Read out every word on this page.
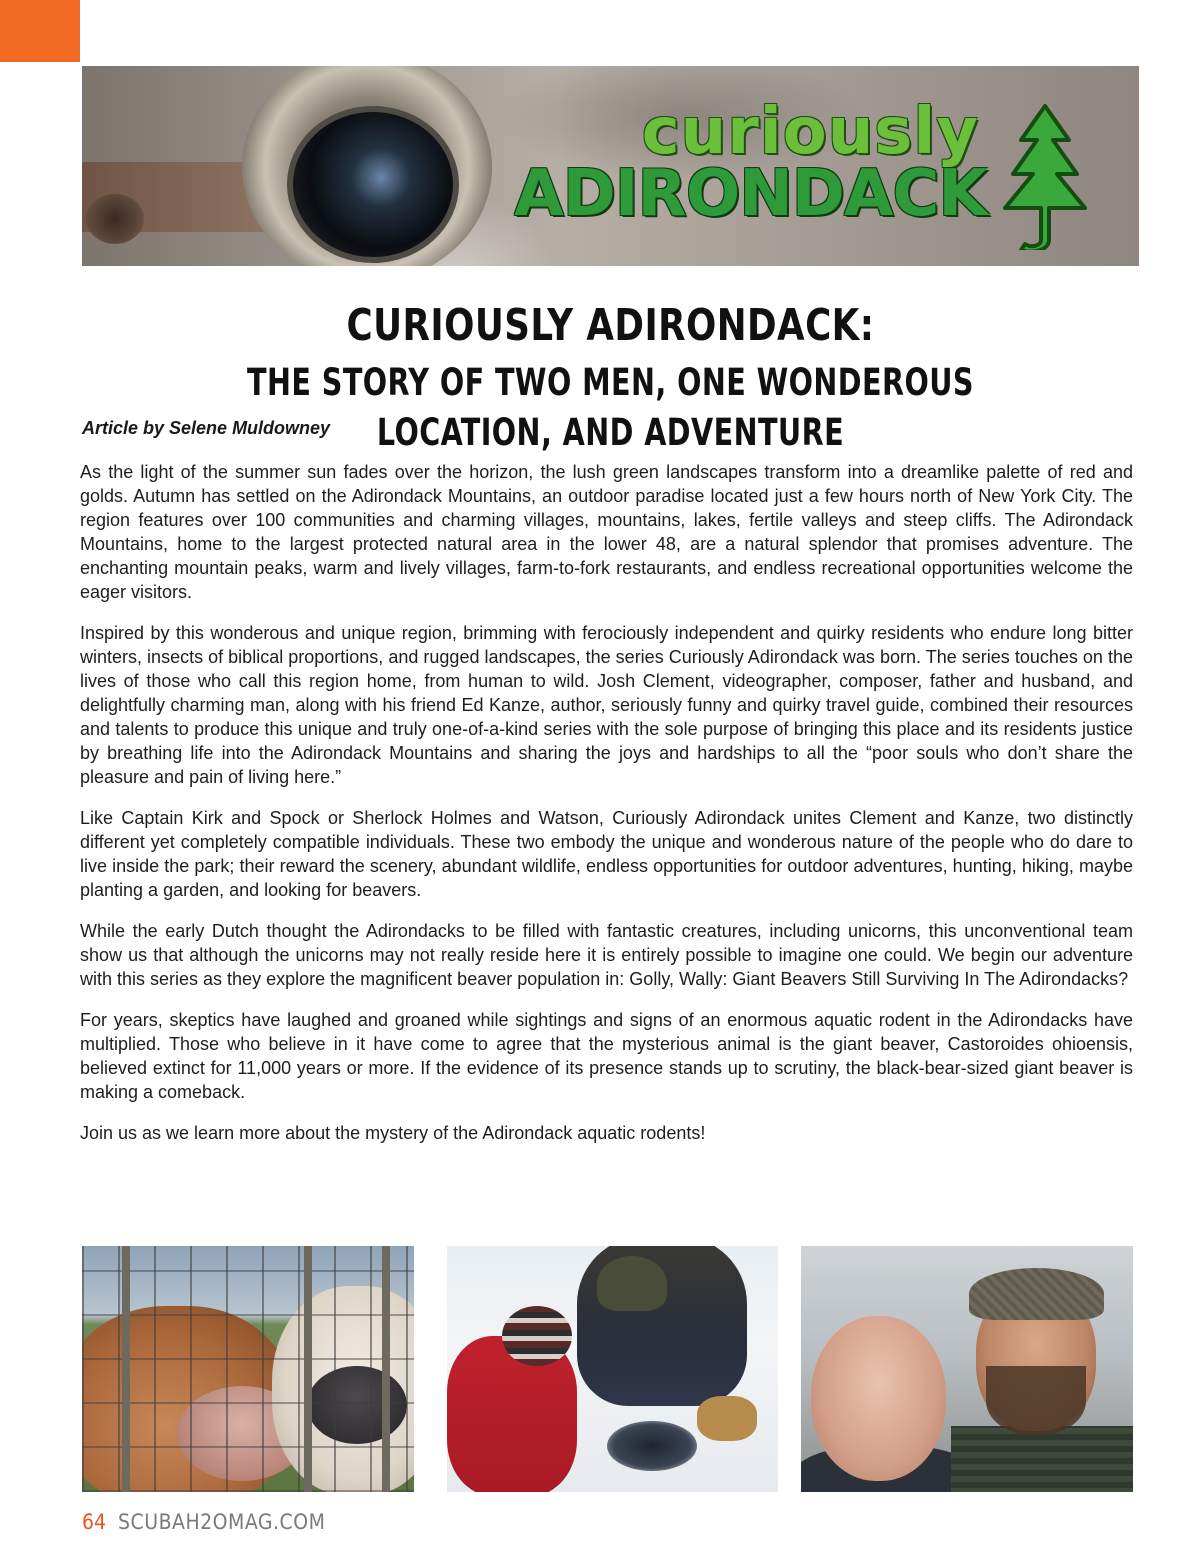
curiously
ADIRONDACK
CURIOUSLY ADIRONDACK:
THE STORY OF TWO MEN, ONE WONDEROUS LOCATION, AND ADVENTURE

Article by Selene Muldowney

As the light of the summer sun fades over the horizon, the lush green landscapes transform into a dreamlike palette of red and golds. Autumn has settled on the Adirondack Mountains, an outdoor paradise located just a few hours north of New York City. The region features over 100 communities and charming villages, mountains, lakes, fertile valleys and steep cliffs. The Adirondack Mountains, home to the largest protected natural area in the lower 48, are a natural splendor that promises adventure. The enchanting mountain peaks, warm and lively villages, farm-to-fork restaurants, and endless recreational opportunities welcome the eager visitors.

Inspired by this wonderous and unique region, brimming with ferociously independent and quirky residents who endure long bitter winters, insects of biblical proportions, and rugged landscapes, the series Curiously Adirondack was born. The series touches on the lives of those who call this region home, from human to wild. Josh Clement, videographer, composer, father and husband, and delightfully charming man, along with his friend Ed Kanze, author, seriously funny and quirky travel guide, combined their resources and talents to produce this unique and truly one-of-a-kind series with the sole purpose of bringing this place and its residents justice by breathing life into the Adirondack Mountains and sharing the joys and hardships to all the “poor souls who don’t share the pleasure and pain of living here.”

Like Captain Kirk and Spock or Sherlock Holmes and Watson, Curiously Adirondack unites Clement and Kanze, two distinctly different yet completely compatible individuals. These two embody the unique and wonderous nature of the people who do dare to live inside the park; their reward the scenery, abundant wildlife, endless opportunities for outdoor adventures, hunting, hiking, maybe planting a garden, and looking for beavers.

While the early Dutch thought the Adirondacks to be filled with fantastic creatures, including unicorns, this unconventional team show us that although the unicorns may not really reside here it is entirely possible to imagine one could. We begin our adventure with this series as they explore the magnificent beaver population in: Golly, Wally: Giant Beavers Still Surviving In The Adirondacks?

For years, skeptics have laughed and groaned while sightings and signs of an enormous aquatic rodent in the Adirondacks have multiplied. Those who believe in it have come to agree that the mysterious animal is the giant beaver, Castoroides ohioensis, believed extinct for 11,000 years or more. If the evidence of its presence stands up to scrutiny, the black-bear-sized giant beaver is making a comeback.

Join us as we learn more about the mystery of the Adirondack aquatic rodents!

64 SCUBAH2OMAG.COM
